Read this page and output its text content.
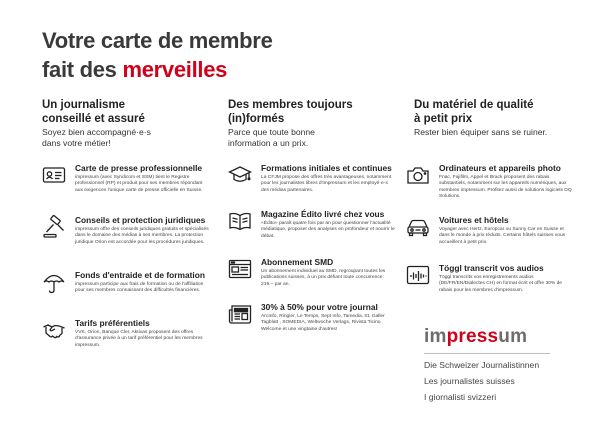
Votre carte de membre
fait des merveilles
Un journalisme
conseillé et assuré
Soyez bien accompagné·e·s
dans votre métier!

Carte de presse professionnelle

impressum (avec Syndicom et SSM) tient le Registre professionnel (RP) et produit pour ses membres répondant aux exigences l'unique carte de presse officielle en Suisse.

Conseils et protection juridiques

impressum offre des conseils juridiques gratuits et spécialisés dans le domaine des médias à ses membres. La protection juridique Orion est accordée pour les procédures juridiques.

Fonds d'entraide et de formation

impressum participe aux frais de formation ou de l'affiliation pour ses membres connaissant des difficultés financières.

Tarifs préférentiels

VVK, Orion, Banque Cler, Aktivas proposent des offres d'assurance privée à un tarif préférentiel pour les membres impressum.

Des membres toujours
(in)formés
Parce que toute bonne
information a un prix.

Formations initiales et continues

La CFJM propose des offres très avantageuses, notamment pour les journalistes libres d'impressum et les employé·e·s des médias partenaires.

Magazine Édito livré chez vous

«Édito» paraît quatre fois par an pour questionner l'actualité médiatique, proposer des analyses en profondeur et nourrir le débat.

Abonnement SMD

Un abonnement individuel au SMD, regroupant toutes les publications suisses, à un prix défiant toute concurrence: 219.– par an.

30% à 50% pour votre journal

ArcInfo, Ringier, Le Temps, Sept Info, Tamedia, St. Galler Tagblatt , SOMEDIA, Weltwoche Verlags, Rivista Ticino Welcome et une vingtaine d'autres!

Du matériel de qualité
à petit prix
Rester bien équiper sans se ruiner.

Ordinateurs et appareils photo

Fnac, Fujifilm, Appel et Brack proposent des rabais substantiels, notamment sur les appareils numériques, aux membres impressum. Profitez aussi de solutions logiciels DQ Solutions.

Voitures et hôtels

Voyager avec Hertz, Europcar ou Sunny Car en Suisse et dans le monde à prix réduits. Certains hôtels suisses vous accueillent à petit prix.

Töggl transcrit vos audios

Töggl transcrits vos enregistrements audios (DE/FR/EN/Dialectes CH) en format écrit et offre 30% de rabais pour les membres d'impressum.

impressum
Die Schweizer Journalistinnen
Les journalistes suisses
I giornalisti svizzeri
